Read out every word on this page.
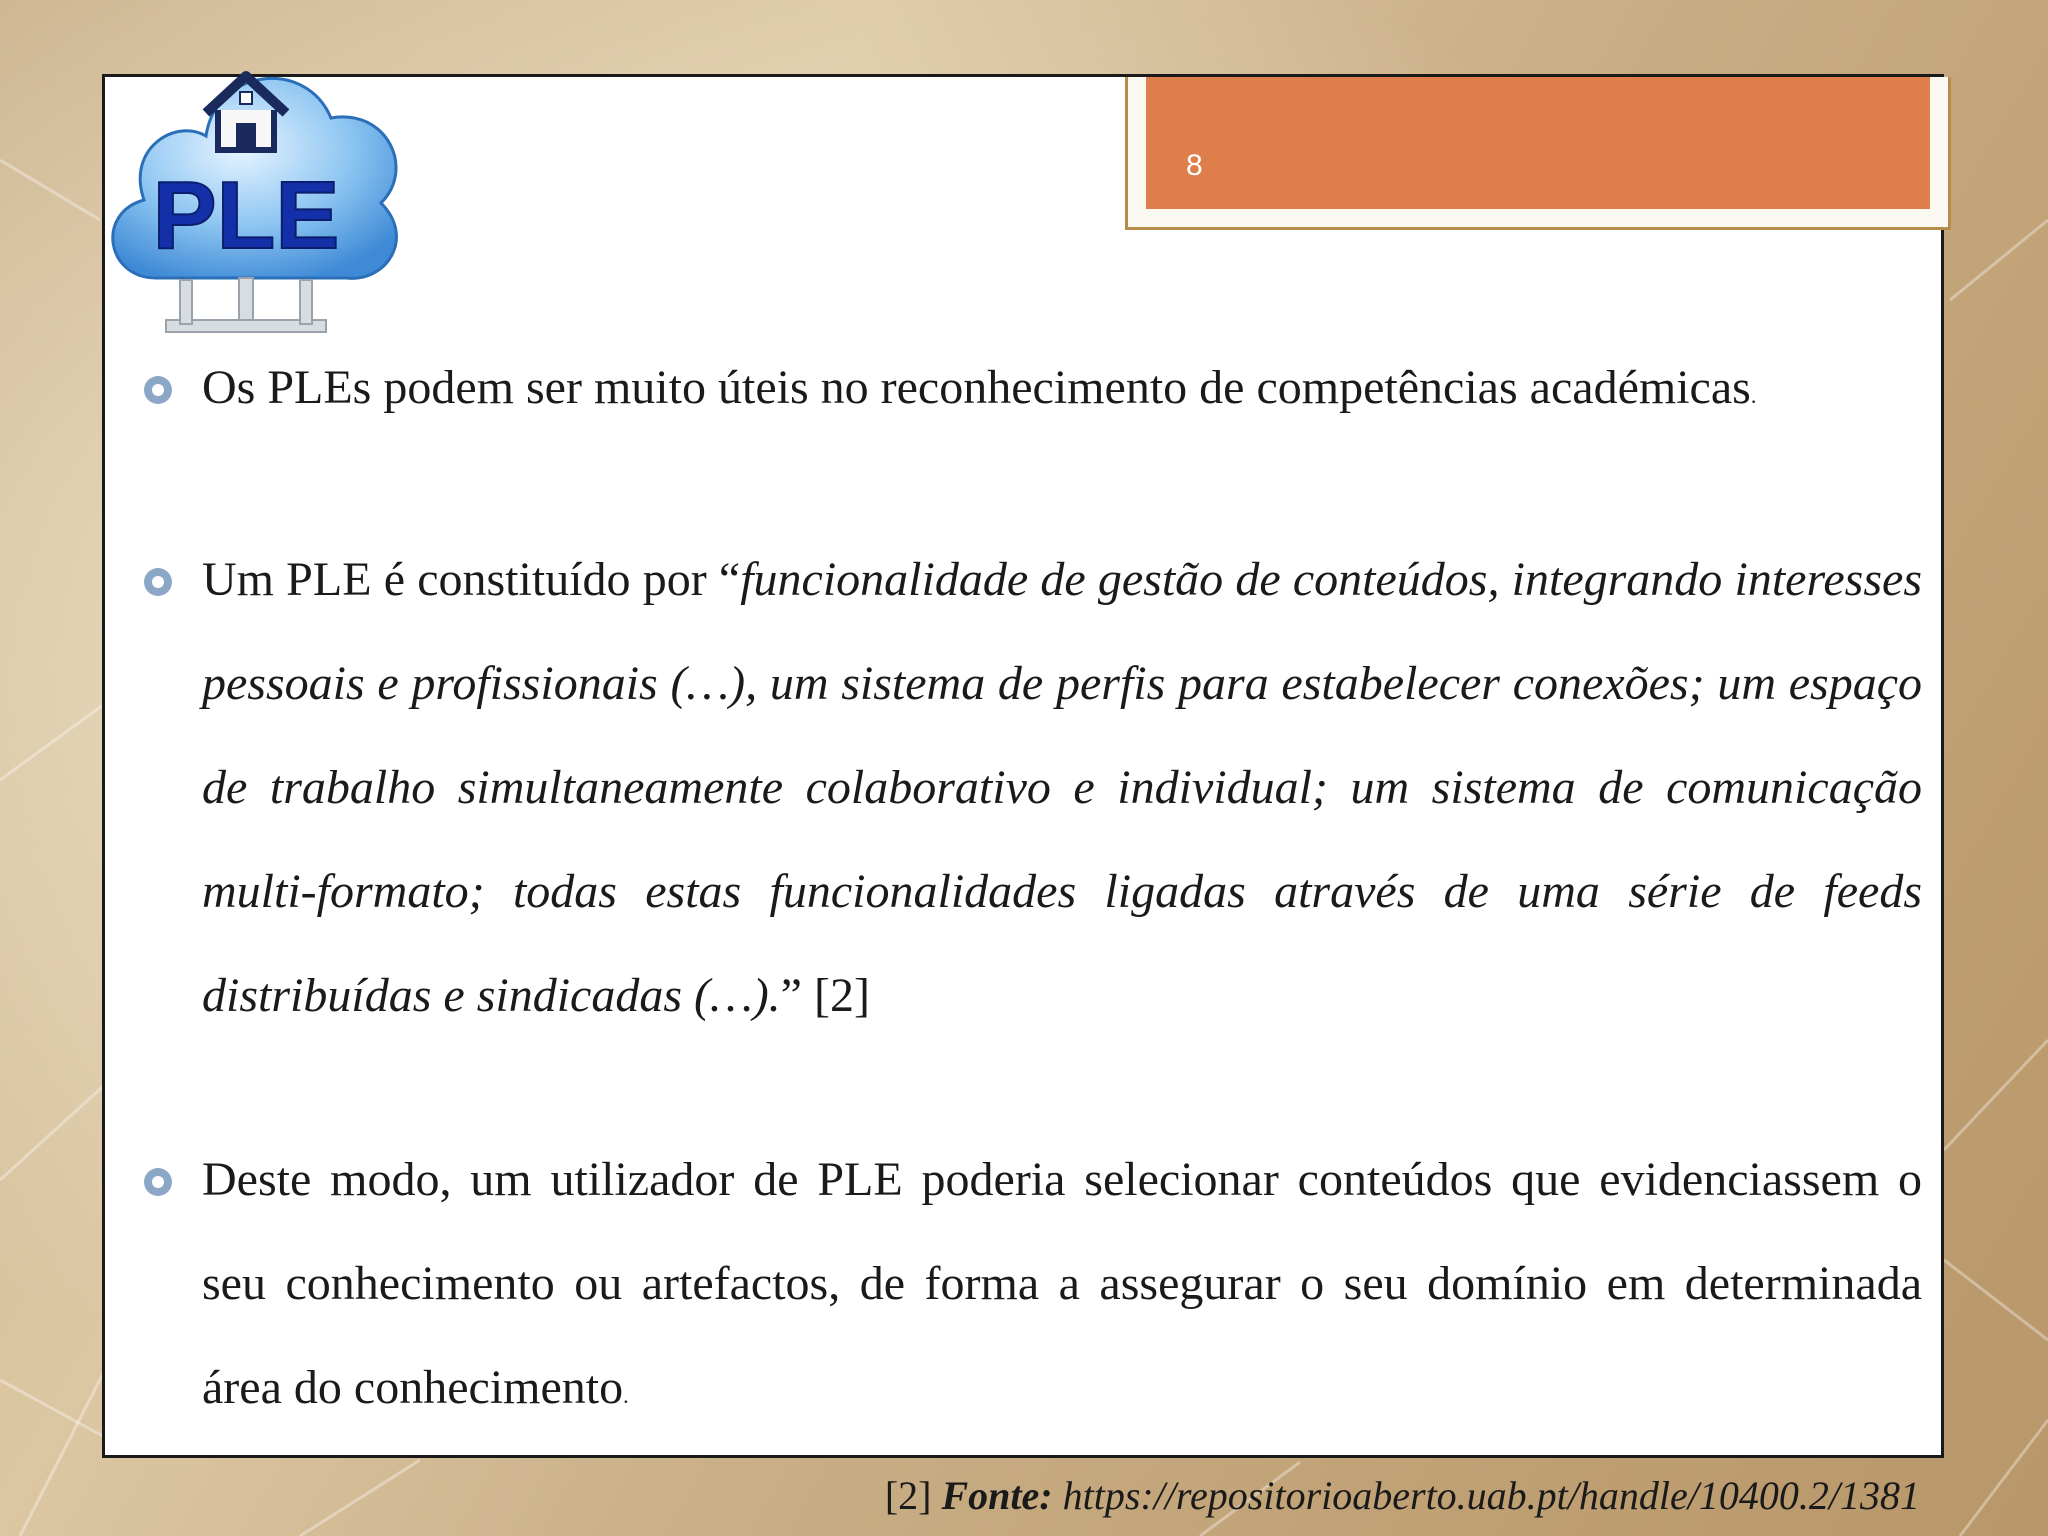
8
PLE

Os PLEs podem ser muito úteis no reconhecimento de competências académicas.

Um PLE é constituído por “funcionalidade de gestão de conteúdos, integrando interesses pessoais e profissionais (…), um sistema de perfis para estabelecer conexões; um espaço de trabalho simultaneamente colaborativo e individual; um sistema de comunicação multi-formato; todas estas funcionalidades ligadas através de uma série de feeds distribuídas e sindicadas (…).” [2]

Deste modo, um utilizador de PLE poderia selecionar conteúdos que evidenciassem o seu conhecimento ou artefactos, de forma a assegurar o seu domínio em determinada área do conhecimento.

[2] Fonte: https://repositorioaberto.uab.pt/handle/10400.2/1381
